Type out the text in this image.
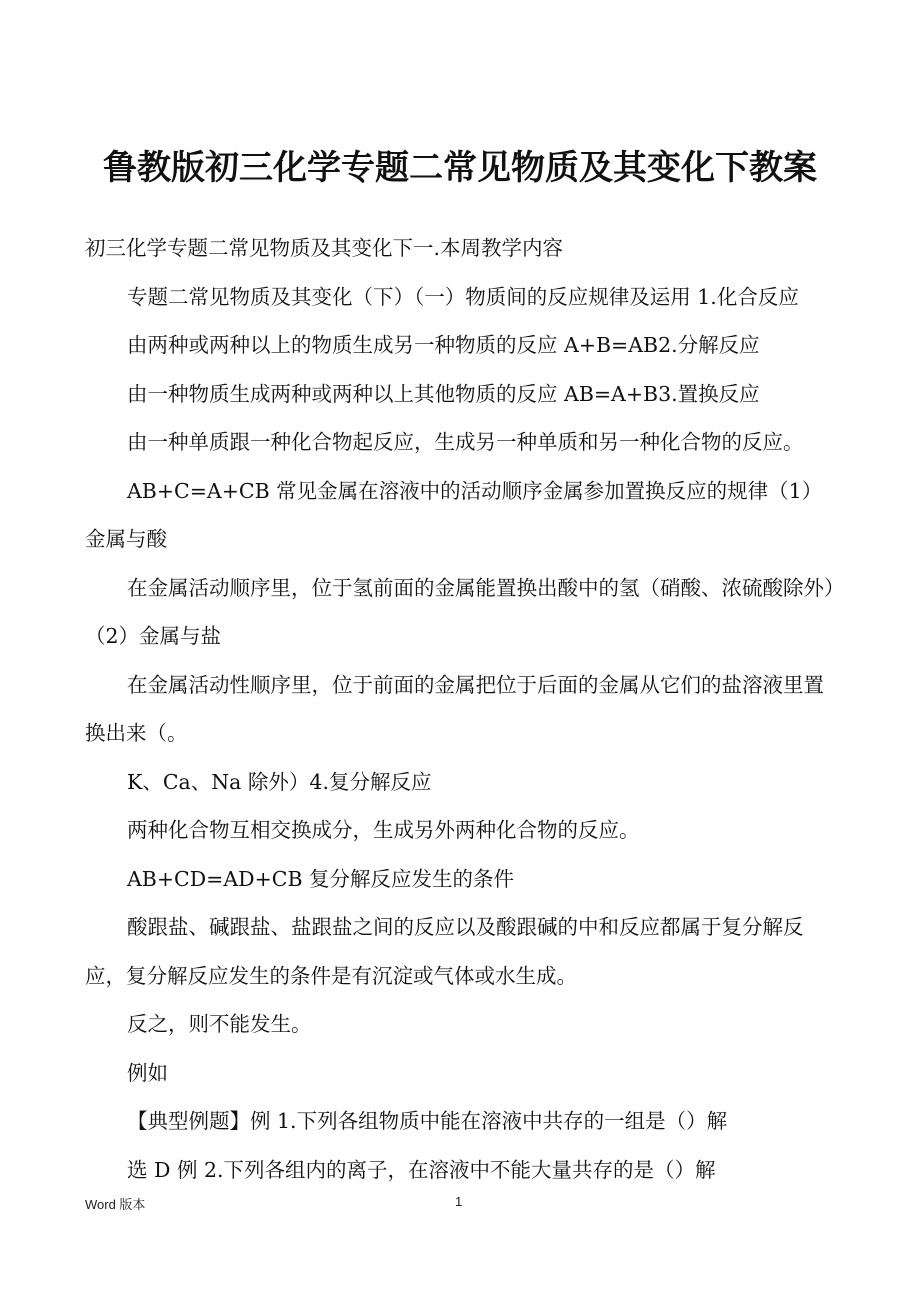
鲁教版初三化学专题二常见物质及其变化下教案

初三化学专题二常见物质及其变化下一.本周教学内容

专题二常见物质及其变化（下）（一）物质间的反应规律及运用 1.化合反应

由两种或两种以上的物质生成另一种物质的反应 A+B=AB2.分解反应

由一种物质生成两种或两种以上其他物质的反应 AB=A+B3.置换反应

由一种单质跟一种化合物起反应，生成另一种单质和另一种化合物的反应。

AB+C=A+CB 常见金属在溶液中的活动顺序金属参加置换反应的规律（1）金属与酸

在金属活动顺序里，位于氢前面的金属能置换出酸中的氢（硝酸、浓硫酸除外）（2）金属与盐

在金属活动性顺序里，位于前面的金属把位于后面的金属从它们的盐溶液里置换出来（。

K、Ca、Na 除外）4.复分解反应

两种化合物互相交换成分，生成另外两种化合物的反应。

AB+CD=AD+CB 复分解反应发生的条件

酸跟盐、碱跟盐、盐跟盐之间的反应以及酸跟碱的中和反应都属于复分解反应，复分解反应发生的条件是有沉淀或气体或水生成。

反之，则不能发生。

例如

【典型例题】例 1.下列各组物质中能在溶液中共存的一组是（）解

选 D 例 2.下列各组内的离子，在溶液中不能大量共存的是（）解

Word 版本	1
